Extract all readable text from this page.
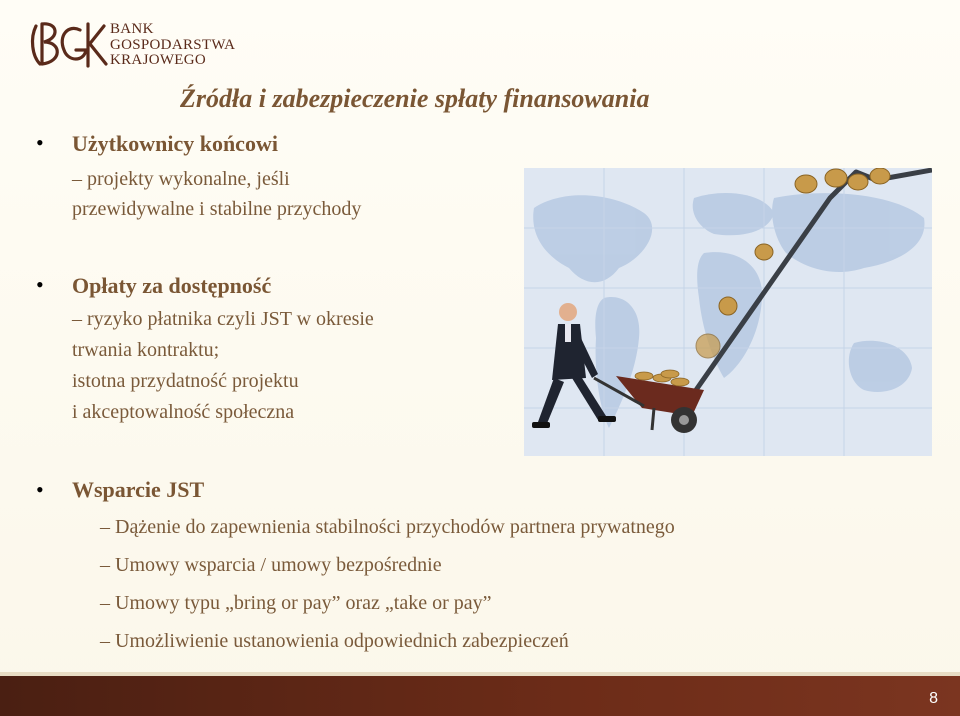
BGK
BANK
GOSPODARSTWA
KRAJOWEGO
Źródła i zabezpieczenie spłaty finansowania
• Użytkownicy końcowi
– projekty wykonalne, jeśli
przewidywalne i stabilne przychody
• Opłaty za dostępność
– ryzyko płatnika czyli JST w okresie
trwania kontraktu;
istotna przydatność projektu
i akceptowalność społeczna
• Wsparcie JST
– Dążenie do zapewnienia stabilności przychodów partnera prywatnego
– Umowy wsparcia / umowy bezpośrednie
– Umowy typu „bring or pay” oraz „take or pay”
– Umożliwienie ustanowienia odpowiednich zabezpieczeń
8
